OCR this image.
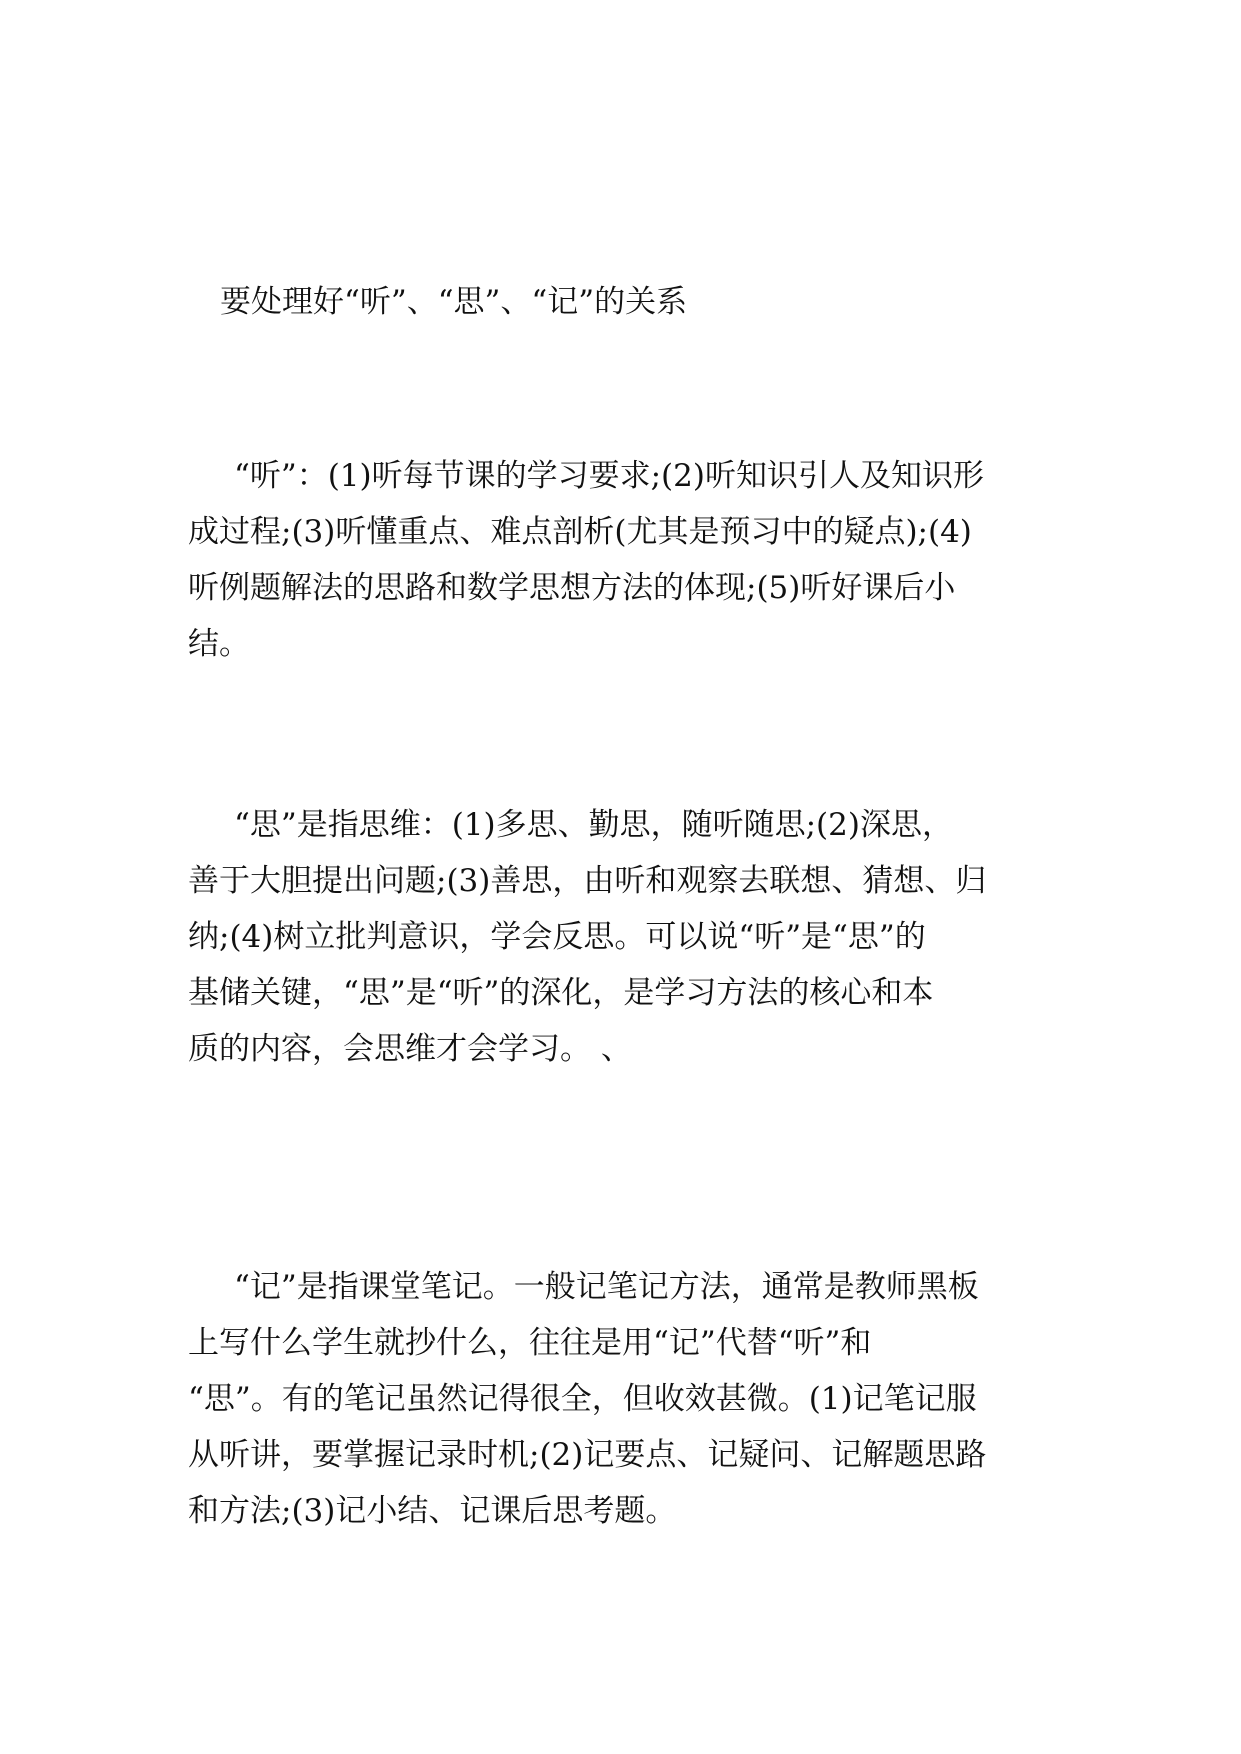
要处理好“听”、“思”、“记”的关系
“听”：(1)听每节课的学习要求;(2)听知识引人及知识形
成过程;(3)听懂重点、难点剖析(尤其是预习中的疑点);(4)
听例题解法的思路和数学思想方法的体现;(5)听好课后小
结。
“思”是指思维：(1)多思、勤思，随听随思;(2)深思，
善于大胆提出问题;(3)善思，由听和观察去联想、猜想、归
纳;(4)树立批判意识，学会反思。可以说“听”是“思”的
基储关键，“思”是“听”的深化，是学习方法的核心和本
质的内容，会思维才会学习。 、
“记”是指课堂笔记。一般记笔记方法，通常是教师黑板
上写什么学生就抄什么，往往是用“记”代替“听”和
“思”。有的笔记虽然记得很全，但收效甚微。(1)记笔记服
从听讲，要掌握记录时机;(2)记要点、记疑问、记解题思路
和方法;(3)记小结、记课后思考题。
